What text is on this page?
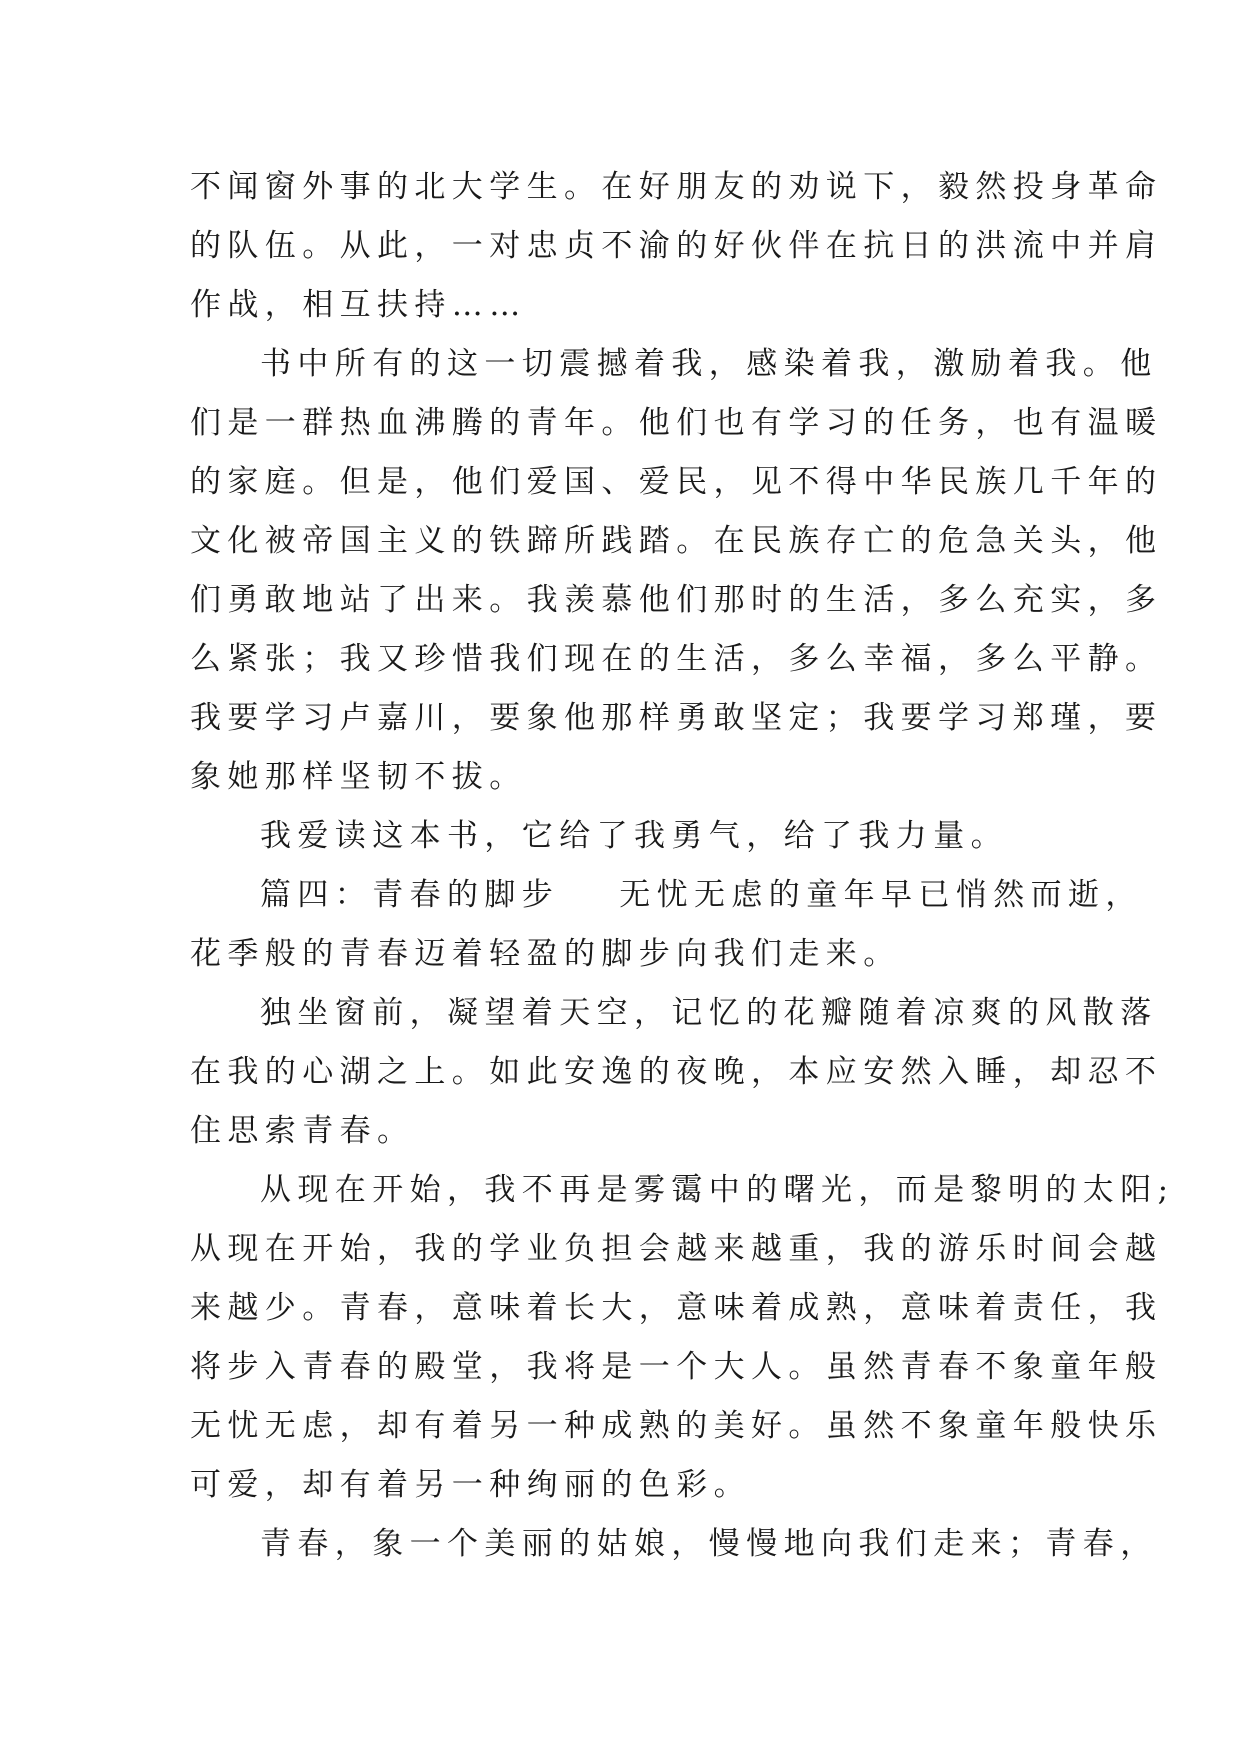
不闻窗外事的北大学生。在好朋友的劝说下，毅然投身革命
的队伍。从此，一对忠贞不渝的好伙伴在抗日的洪流中并肩
作战，相互扶持……
书中所有的这一切震撼着我，感染着我，激励着我。他
们是一群热血沸腾的青年。他们也有学习的任务，也有温暖
的家庭。但是，他们爱国、爱民，见不得中华民族几千年的
文化被帝国主义的铁蹄所践踏。在民族存亡的危急关头，他
们勇敢地站了出来。我羡慕他们那时的生活，多么充实，多
么紧张；我又珍惜我们现在的生活，多么幸福，多么平静。
我要学习卢嘉川，要象他那样勇敢坚定；我要学习郑瑾，要
象她那样坚韧不拔。
我爱读这本书，它给了我勇气，给了我力量。
篇四：青春的脚步 无忧无虑的童年早已悄然而逝，
花季般的青春迈着轻盈的脚步向我们走来。
独坐窗前，凝望着天空，记忆的花瓣随着凉爽的风散落
在我的心湖之上。如此安逸的夜晚，本应安然入睡，却忍不
住思索青春。
从现在开始，我不再是雾霭中的曙光，而是黎明的太阳;
从现在开始，我的学业负担会越来越重，我的游乐时间会越
来越少。青春，意味着长大，意味着成熟，意味着责任，我
将步入青春的殿堂，我将是一个大人。虽然青春不象童年般
无忧无虑，却有着另一种成熟的美好。虽然不象童年般快乐
可爱，却有着另一种绚丽的色彩。
青春，象一个美丽的姑娘，慢慢地向我们走来；青春，
